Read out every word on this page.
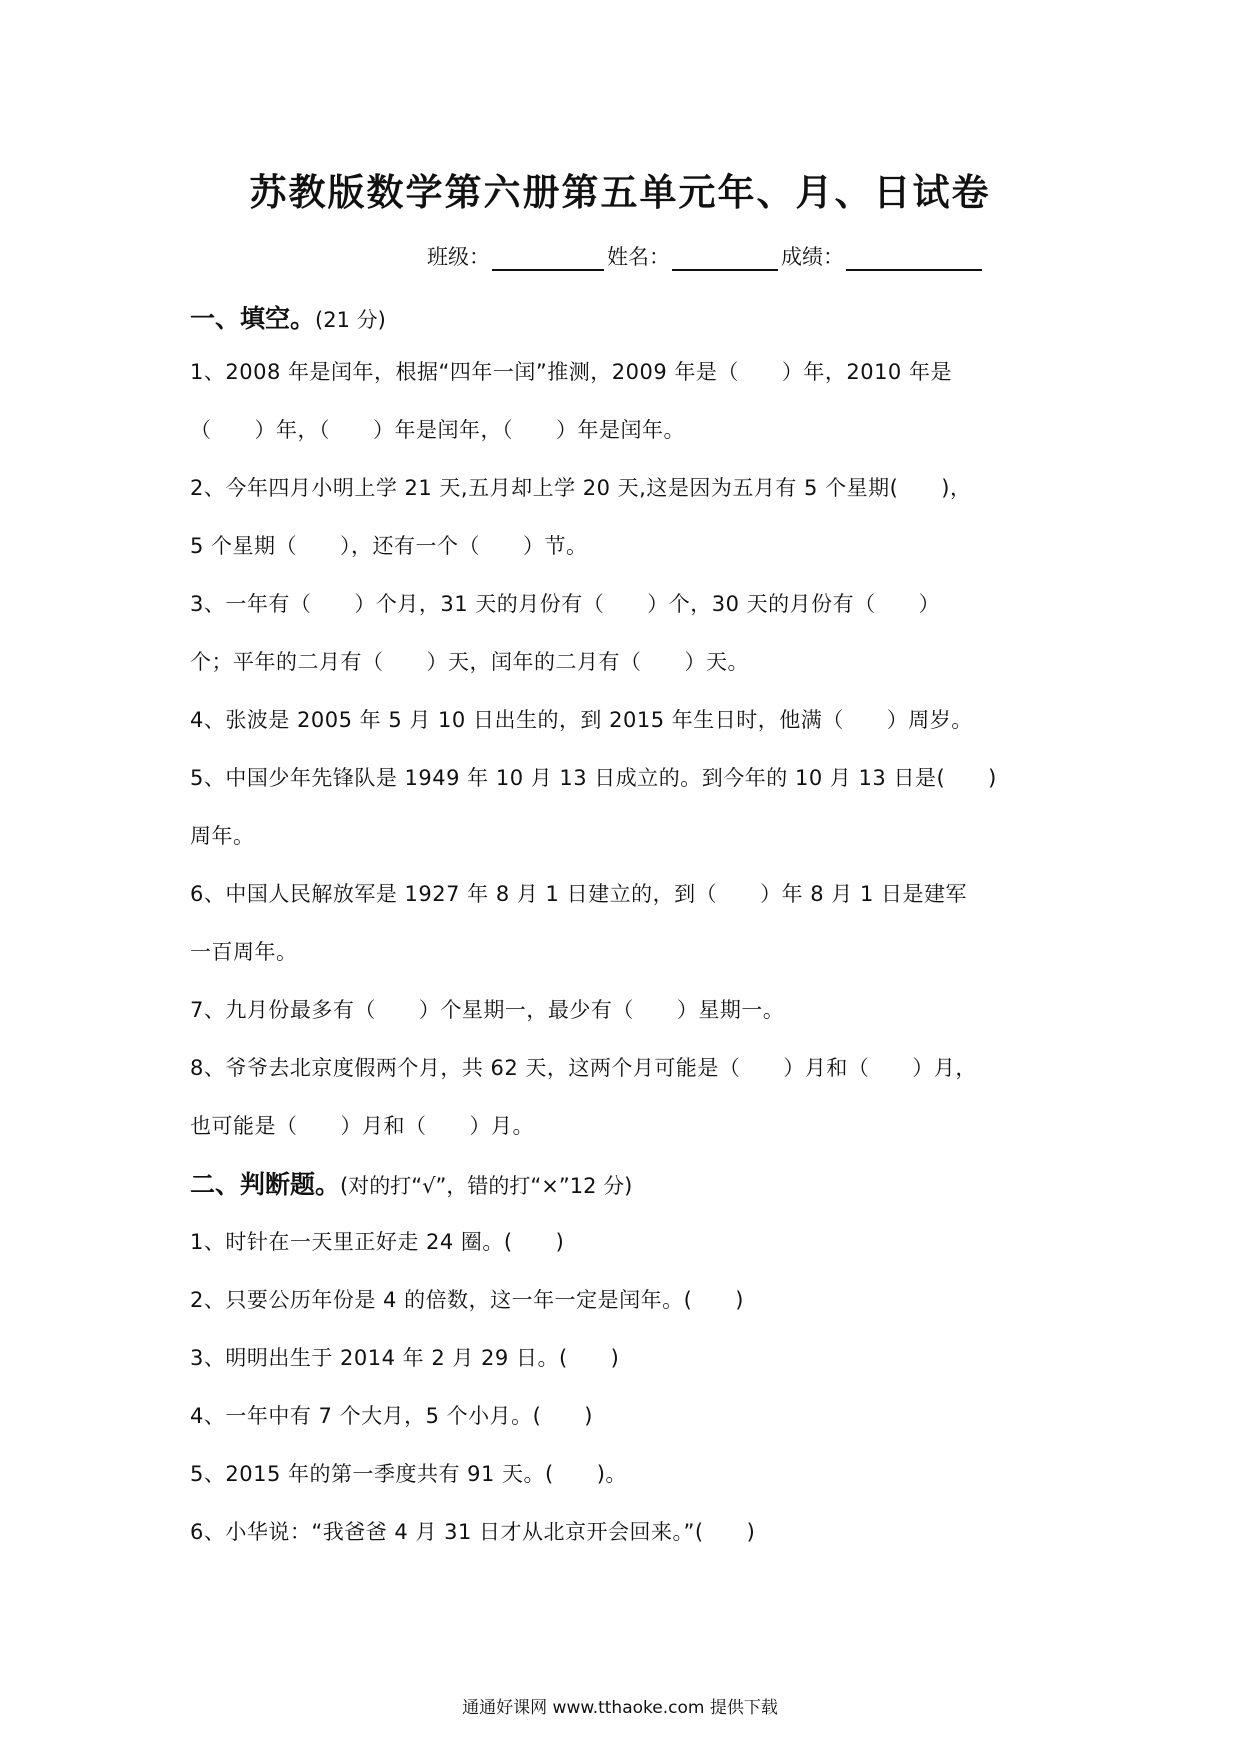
苏教版数学第六册第五单元年、月、日试卷
班级：	姓名：	成绩：
一、填空。(21 分)
1、2008 年是闰年，根据“四年一闰”推测，2009 年是（　　）年，2010 年是
（　　）年，（　　）年是闰年，（　　）年是闰年。
2、今年四月小明上学 21 天,五月却上学 20 天,这是因为五月有 5 个星期(　　)，
5 个星期（　　），还有一个（　　）节。
3、一年有（　　）个月，31 天的月份有（　　）个，30 天的月份有（　　）
个；平年的二月有（　　）天，闰年的二月有（　　）天。
4、张波是 2005 年 5 月 10 日出生的，到 2015 年生日时，他满（　　）周岁。
5、中国少年先锋队是 1949 年 10 月 13 日成立的。到今年的 10 月 13 日是(　　)
周年。
6、中国人民解放军是 1927 年 8 月 1 日建立的，到（　　）年 8 月 1 日是建军
一百周年。
7、九月份最多有（　　）个星期一，最少有（　　）星期一。
8、爷爷去北京度假两个月，共 62 天，这两个月可能是（　　）月和（　　）月，
也可能是（　　）月和（　　）月。
二、判断题。(对的打“√”，错的打“×”12 分)
1、时针在一天里正好走 24 圈。(　　)
2、只要公历年份是 4 的倍数，这一年一定是闰年。(　　)
3、明明出生于 2014 年 2 月 29 日。(　　)
4、一年中有 7 个大月，5 个小月。(　　)
5、2015 年的第一季度共有 91 天。(　　)。
6、小华说：“我爸爸 4 月 31 日才从北京开会回来。”(　　)
通通好课网 www.tthaoke.com 提供下载
